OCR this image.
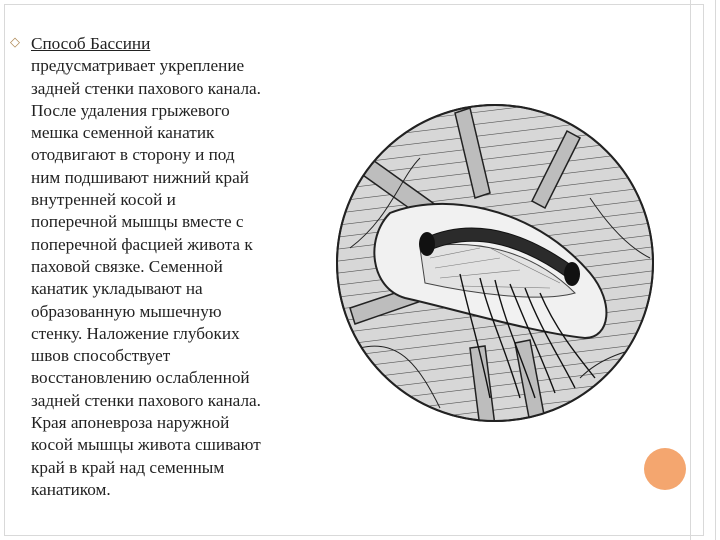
◇ Способ Бассини
предусматривает укрепление
задней стенки пахового канала.
После удаления грыжевого
мешка семенной канатик
отодвигают в сторону и под
ним подшивают нижний край
внутренней косой и
поперечной мышцы вместе с
поперечной фасцией живота к
паховой связке. Семенной
канатик укладывают на
образованную мышечную
стенку. Наложение глубоких
швов способствует
восстановлению ослабленной
задней стенки пахового канала.
Края апоневроза наружной
косой мышцы живота сшивают
край в край над семенным
канатиком.
